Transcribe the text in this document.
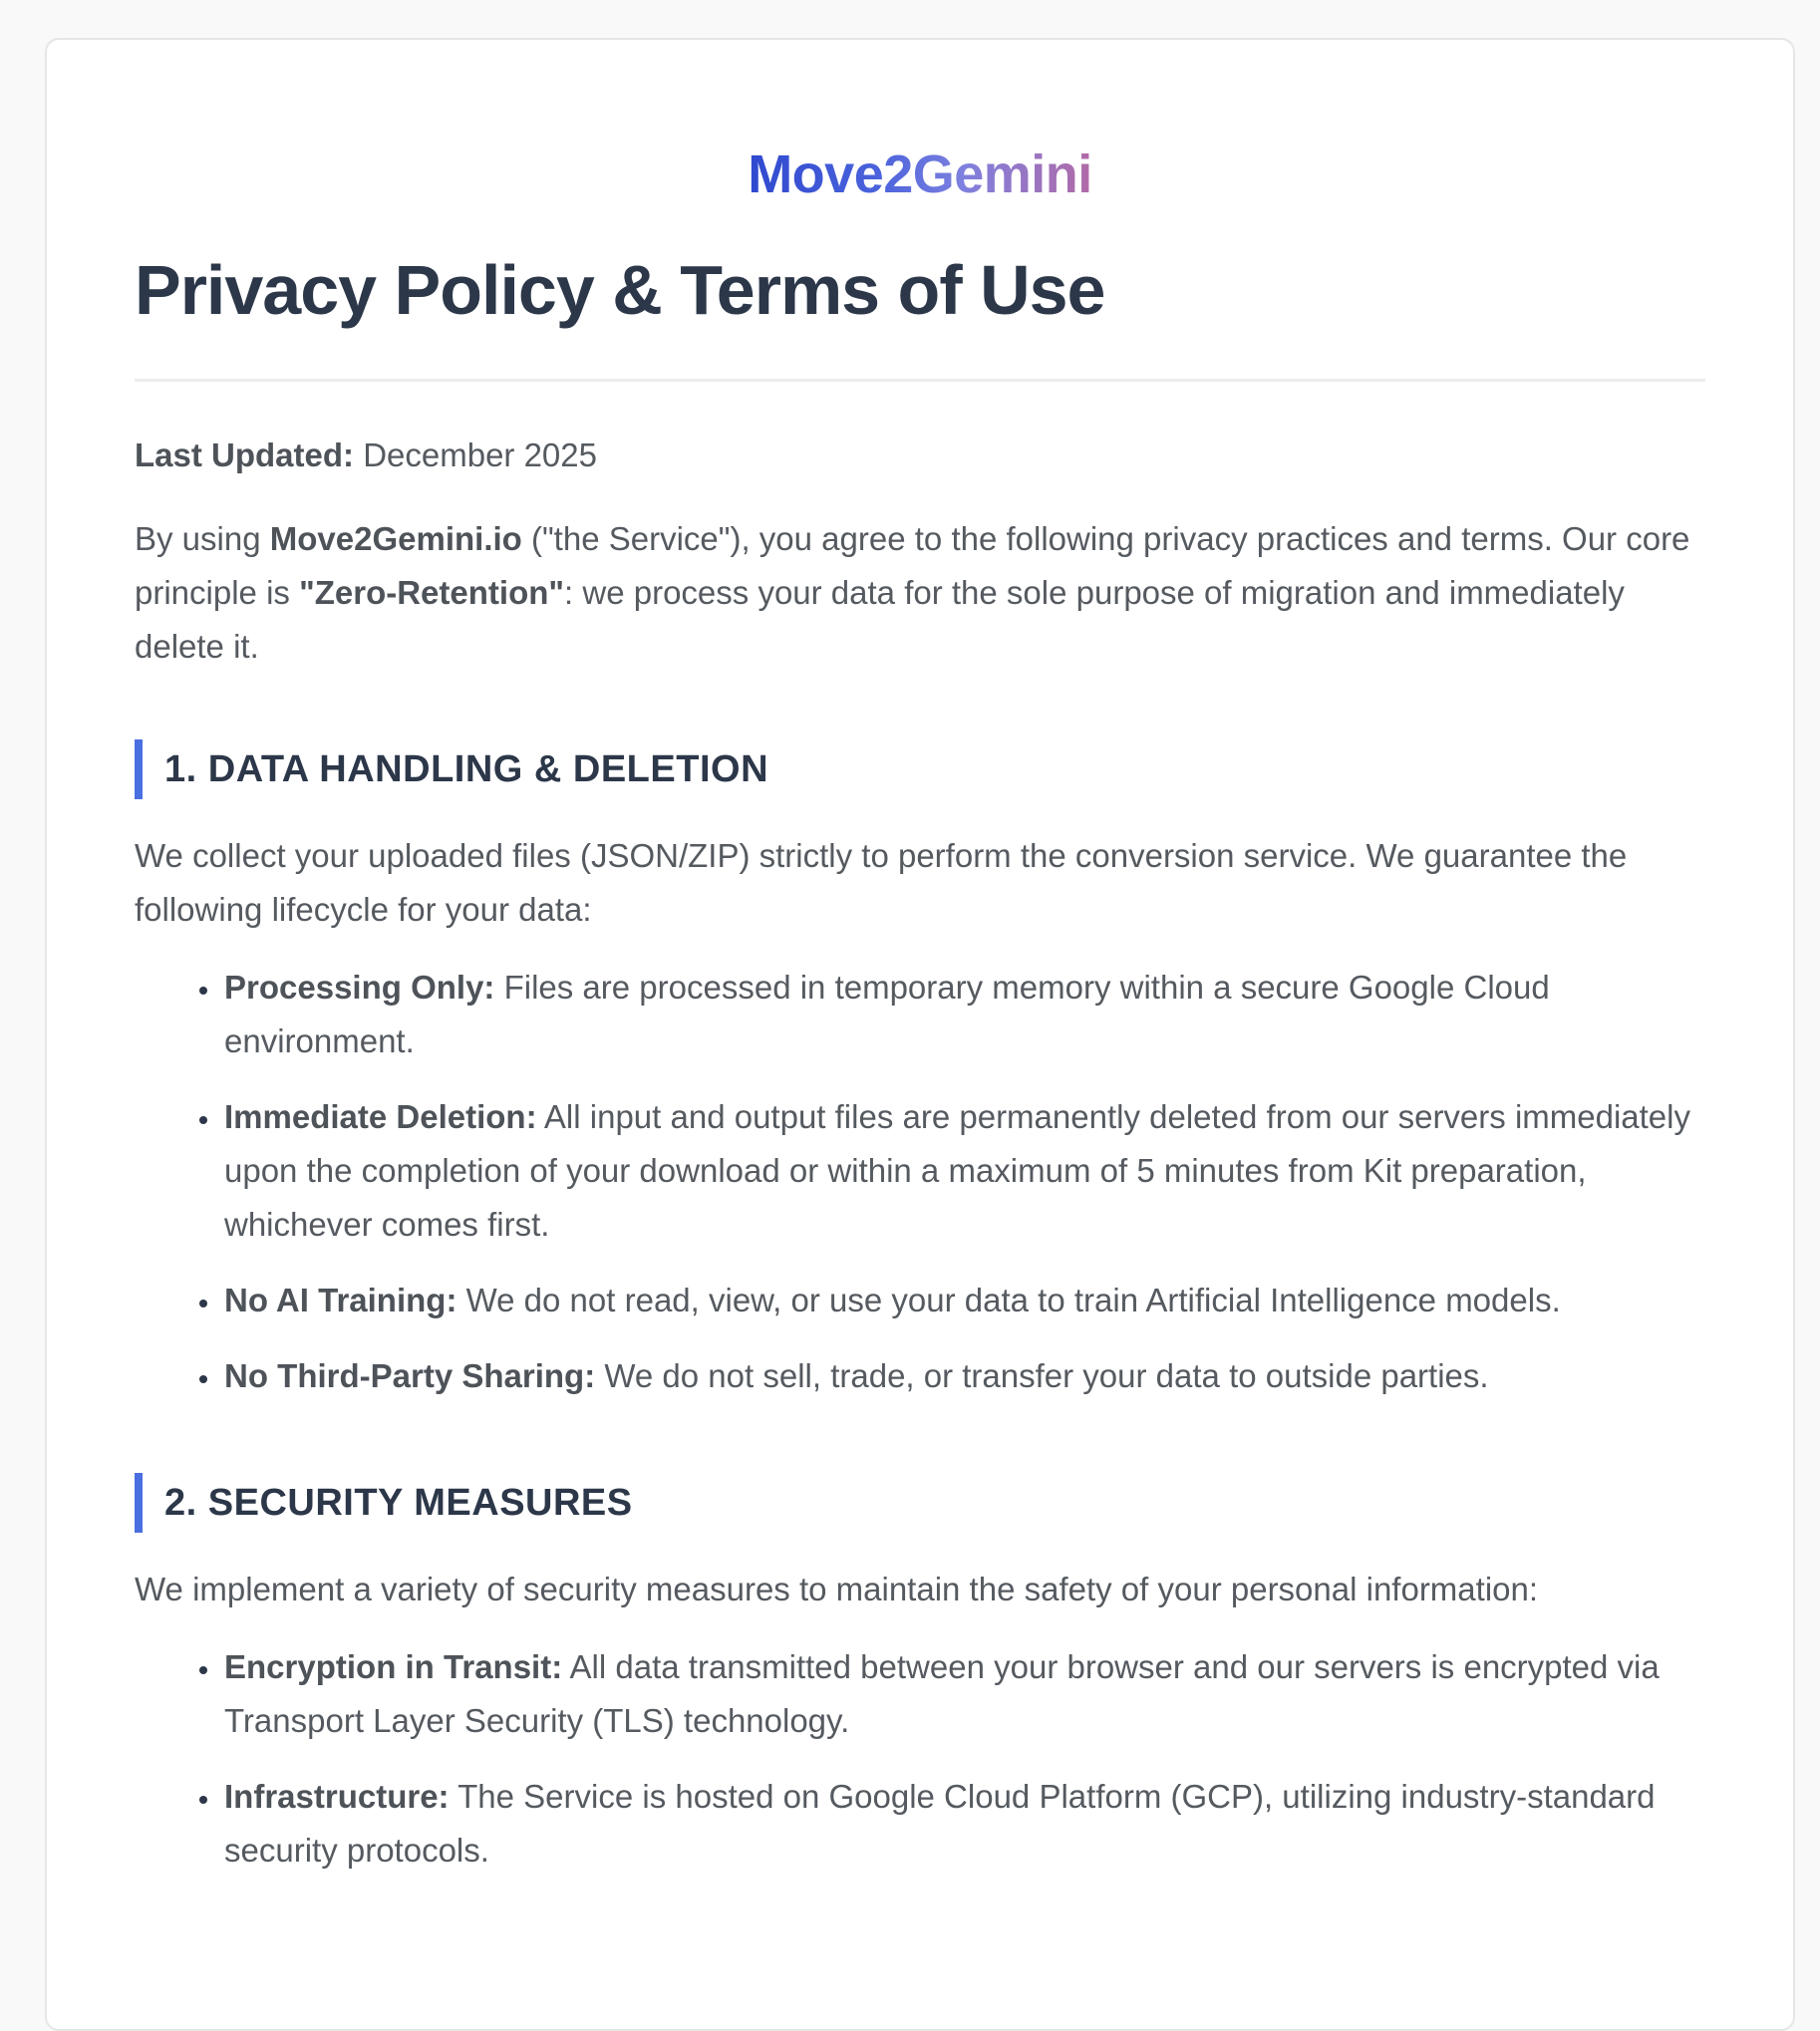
Move2Gemini
Privacy Policy & Terms of Use

Last Updated: December 2025

By using Move2Gemini.io ("the Service"), you agree to the following privacy practices and terms. Our core principle is "Zero-Retention": we process your data for the sole purpose of migration and immediately delete it.

1. DATA HANDLING & DELETION

We collect your uploaded files (JSON/ZIP) strictly to perform the conversion service. We guarantee the following lifecycle for your data:

• Processing Only: Files are processed in temporary memory within a secure Google Cloud environment.
• Immediate Deletion: All input and output files are permanently deleted from our servers immediately upon the completion of your download or within a maximum of 5 minutes from Kit preparation, whichever comes first.
• No AI Training: We do not read, view, or use your data to train Artificial Intelligence models.
• No Third-Party Sharing: We do not sell, trade, or transfer your data to outside parties.
2. SECURITY MEASURES

We implement a variety of security measures to maintain the safety of your personal information:

• Encryption in Transit: All data transmitted between your browser and our servers is encrypted via Transport Layer Security (TLS) technology.
• Infrastructure: The Service is hosted on Google Cloud Platform (GCP), utilizing industry-standard security protocols.
